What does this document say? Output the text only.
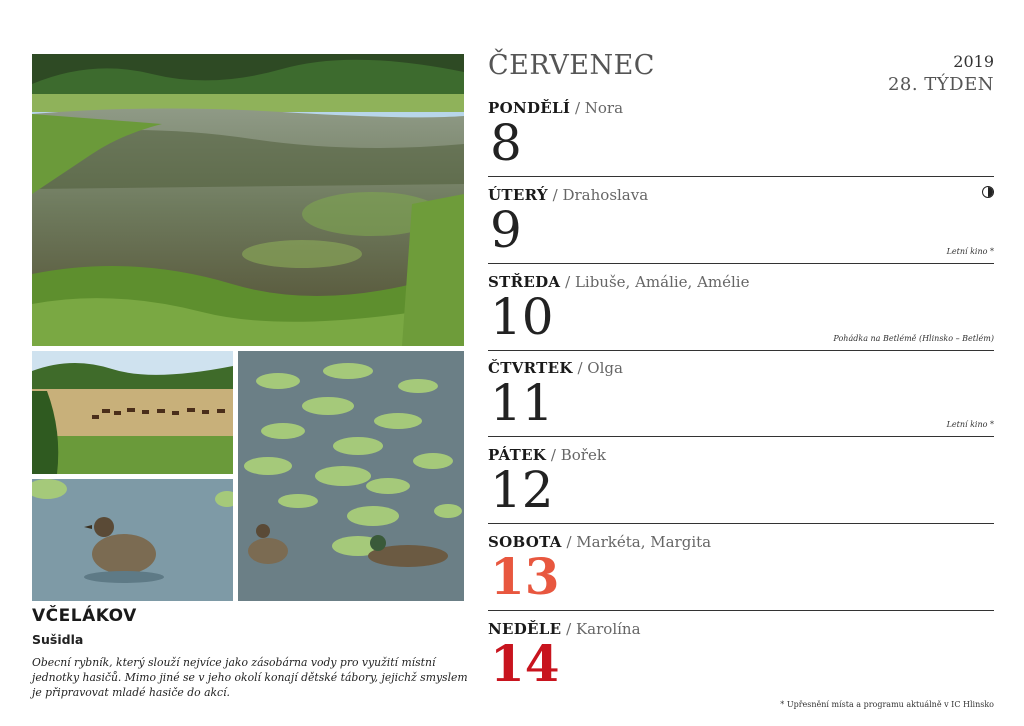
VČELÁKOV
Sušidla
Obecní rybník, který slouží nejvíce jako zásobárna vody pro využití místní jednotky hasičů. Mimo jiné se v jeho okolí konají dětské tábory, jejichž smyslem je připravovat mladé hasiče do akcí.
ČERVENEC	2019
28. TÝDEN
PONDĚLÍ / Nora
8
ÚTERÝ / Drahoslava
9	Letní kino *
STŘEDA / Libuše, Amálie, Amélie
10	Pohádka na Betlémě (Hlinsko – Betlém)
ČTVRTEK / Olga
11	Letní kino *
PÁTEK / Bořek
12
SOBOTA / Markéta, Margita
13
NEDĚLE / Karolína
14
* Upřesnění místa a programu aktuálně v IC Hlinsko
